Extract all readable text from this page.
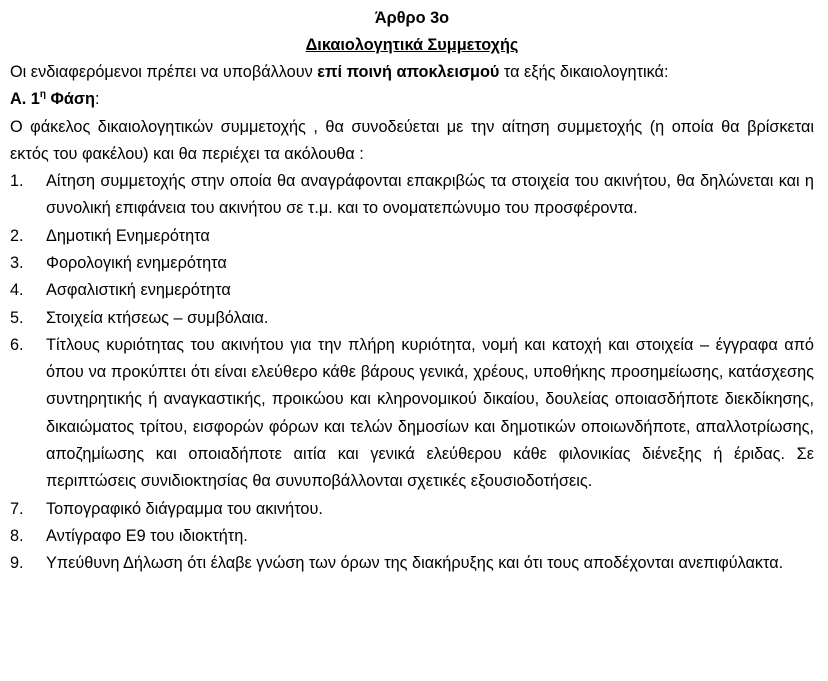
Άρθρο 3ο

Δικαιολογητικά Συμμετοχής

Οι ενδιαφερόμενοι πρέπει να υποβάλλουν επί ποινή αποκλεισμού τα εξής δικαιολογητικά:

Α. $1^\eta$ Φάση:

Ο φάκελος δικαιολογητικών συμμετοχής , θα συνοδεύεται με την αίτηση συμμετοχής (η οποία θα βρίσκεται εκτός του φακέλου) και θα περιέχει τα ακόλουθα :

1.	Αίτηση συμμετοχής στην οποία θα αναγράφονται επακριβώς τα στοιχεία του ακινήτου, θα δηλώνεται και η συνολική επιφάνεια του ακινήτου σε τ.μ. και το ονοματεπώνυμο του προσφέροντα.
2.	Δημοτική Ενημερότητα
3.	Φορολογική ενημερότητα
4.	Ασφαλιστική ενημερότητα
5.	Στοιχεία κτήσεως – συμβόλαια.
6.	Τίτλους κυριότητας του ακινήτου για την πλήρη κυριότητα, νομή και κατοχή και στοιχεία – έγγραφα από όπου να προκύπτει ότι είναι ελεύθερο κάθε βάρους γενικά, χρέους, υποθήκης προσημείωσης, κατάσχεσης συντηρητικής ή αναγκαστικής, προικώου και κληρονομικού δικαίου, δουλείας οποιασδήποτε διεκδίκησης, δικαιώματος τρίτου, εισφορών φόρων και τελών δημοσίων και δημοτικών οποιωνδήποτε, απαλλοτρίωσης, αποζημίωσης και οποιαδήποτε αιτία και γενικά ελεύθερου κάθε φιλονικίας διένεξης ή έριδας. Σε περιπτώσεις συνιδιοκτησίας θα συνυποβάλλονται σχετικές εξουσιοδοτήσεις.
7.	Τοπογραφικό διάγραμμα του ακινήτου.
8.	Αντίγραφο Ε9 του ιδιοκτήτη.
9.	Υπεύθυνη Δήλωση ότι έλαβε γνώση των όρων της διακήρυξης και ότι τους αποδέχονται ανεπιφύλακτα.
